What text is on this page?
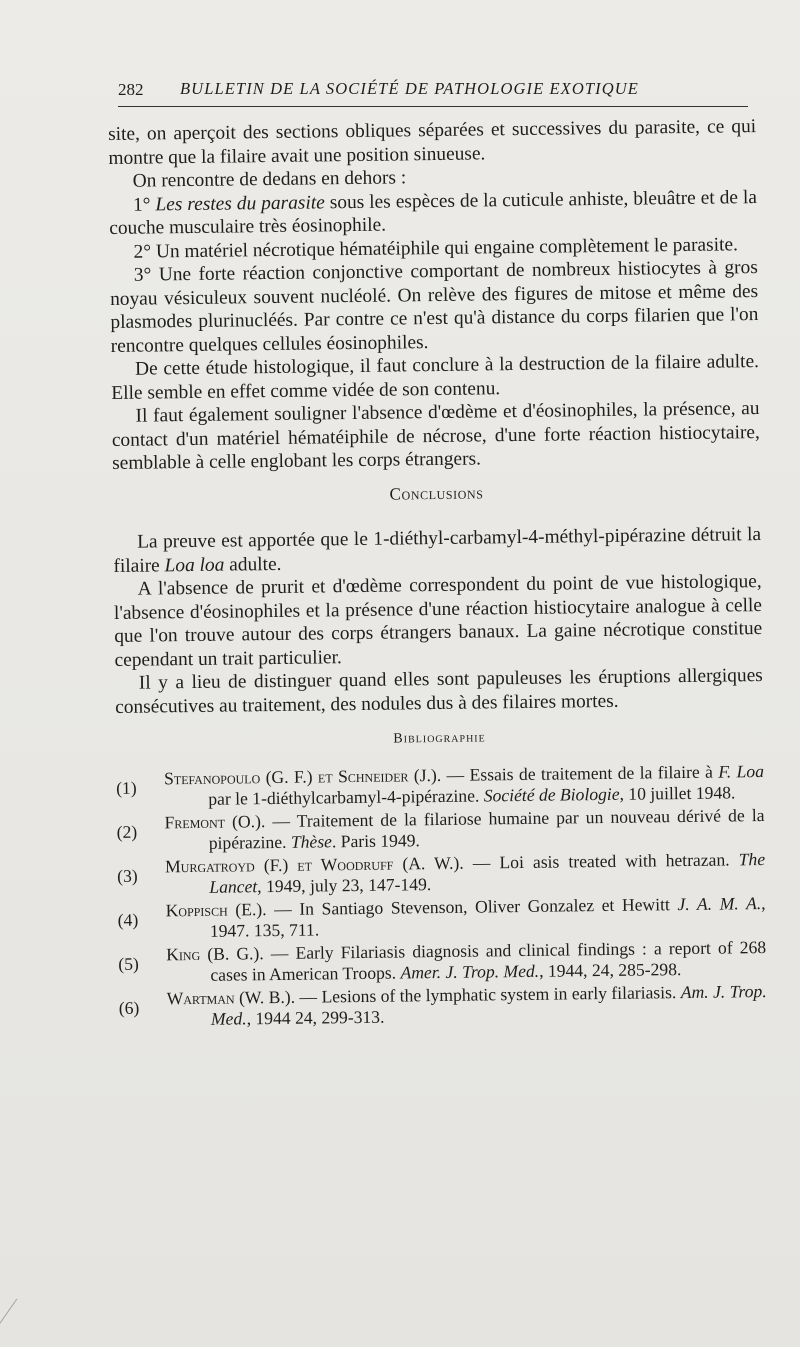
282 BULLETIN DE LA SOCIÉTÉ DE PATHOLOGIE EXOTIQUE

site, on aperçoit des sections obliques séparées et successives du parasite, ce qui montre que la filaire avait une position sinueuse.

On rencontre de dedans en dehors :

1° Les restes du parasite sous les espèces de la cuticule anhiste, bleuâtre et de la couche musculaire très éosinophile.

2° Un matériel nécrotique hématéiphile qui engaine complètement le parasite.

3° Une forte réaction conjonctive comportant de nombreux histiocytes à gros noyau vésiculeux souvent nucléolé. On relève des figures de mitose et même des plasmodes plurinucléés. Par contre ce n'est qu'à distance du corps filarien que l'on rencontre quelques cellules éosinophiles.

De cette étude histologique, il faut conclure à la destruction de la filaire adulte. Elle semble en effet comme vidée de son contenu.

Il faut également souligner l'absence d'œdème et d'éosinophiles, la présence, au contact d'un matériel hématéiphile de nécrose, d'une forte réaction histiocytaire, semblable à celle englobant les corps étrangers.

Conclusions

La preuve est apportée que le 1-diéthyl-carbamyl-4-méthyl-pipérazine détruit la filaire Loa loa adulte.

A l'absence de prurit et d'œdème correspondent du point de vue histologique, l'absence d'éosinophiles et la présence d'une réaction histiocytaire analogue à celle que l'on trouve autour des corps étrangers banaux. La gaine nécrotique constitue cependant un trait particulier.

Il y a lieu de distinguer quand elles sont papuleuses les éruptions allergiques consécutives au traitement, des nodules dus à des filaires mortes.

Bibliographie

(1)	Stefanopoulo (G. F.) et Schneider (J.). — Essais de traitement de la filaire à F. Loa par le 1-diéthylcarbamyl-4-pipérazine. Société de Biologie, 10 juillet 1948.
(2)	Fremont (O.). — Traitement de la filariose humaine par un nouveau dérivé de la pipérazine. Thèse. Paris 1949.
(3)	Murgatroyd (F.) et Woodruff (A. W.). — Loi asis treated with hetrazan. The Lancet, 1949, july 23, 147-149.
(4)	Koppisch (E.). — In Santiago Stevenson, Oliver Gonzalez et Hewitt J. A. M. A., 1947. 135, 711.
(5)	King (B. G.). — Early Filariasis diagnosis and clinical findings : a report of 268 cases in American Troops. Amer. J. Trop. Med., 1944, 24, 285-298.
(6)	Wartman (W. B.). — Lesions of the lymphatic system in early filariasis. Am. J. Trop. Med., 1944 24, 299-313.
